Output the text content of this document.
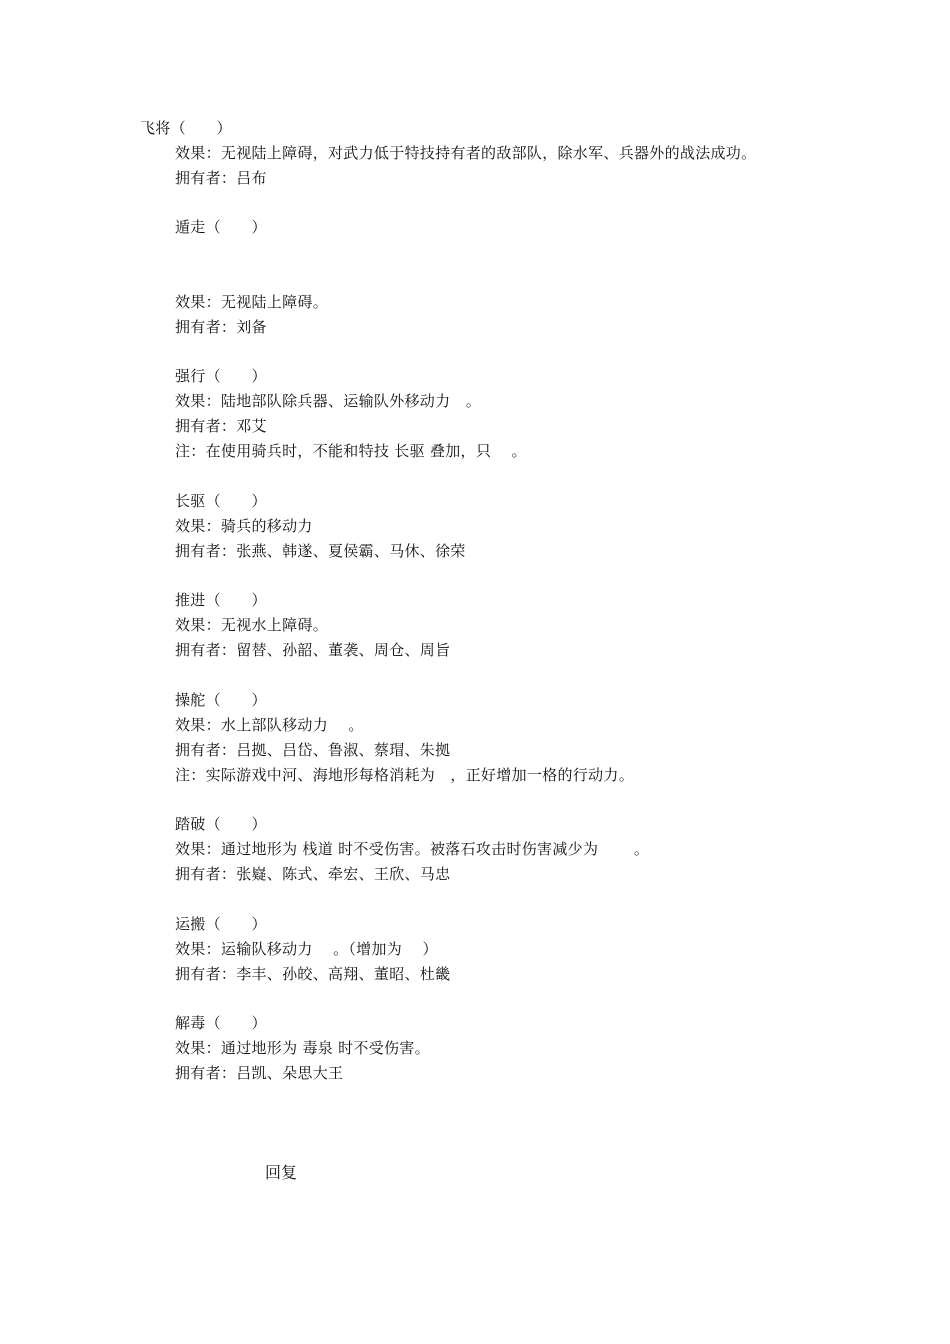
飞将（　　）
效果：无视陆上障碍，对武力低于特技持有者的敌部队，除水军、兵器外的战法成功。
拥有者：吕布
遁走（　　）
效果：无视陆上障碍。
拥有者：刘备
强行（　　）
效果：陆地部队除兵器、运输队外移动力　。
拥有者：邓艾
注：在使用骑兵时，不能和特技 长驱 叠加，只　 。
长驱（　　）
效果：骑兵的移动力
拥有者：张燕、韩遂、夏侯霸、马休、徐荣
推进（　　）
效果：无视水上障碍。
拥有者：留替、孙韶、董袭、周仓、周旨
操舵（　　）
效果：水上部队移动力　 。
拥有者：吕拠、吕岱、鲁淑、蔡瑁、朱拠
注：实际游戏中河、海地形每格消耗为　，正好增加一格的行动力。
踏破（　　）
效果：通过地形为 栈道 时不受伤害。被落石攻击时伤害减少为　　 。
拥有者：张嶷、陈式、牵宏、王欣、马忠
运搬（　　）
效果：运输队移动力　 。（增加为　 ）
拥有者：李丰、孙皎、高翔、董昭、杜畿
解毒（　　）
效果：通过地形为 毒泉 时不受伤害。
拥有者：吕凯、朵思大王
回复
